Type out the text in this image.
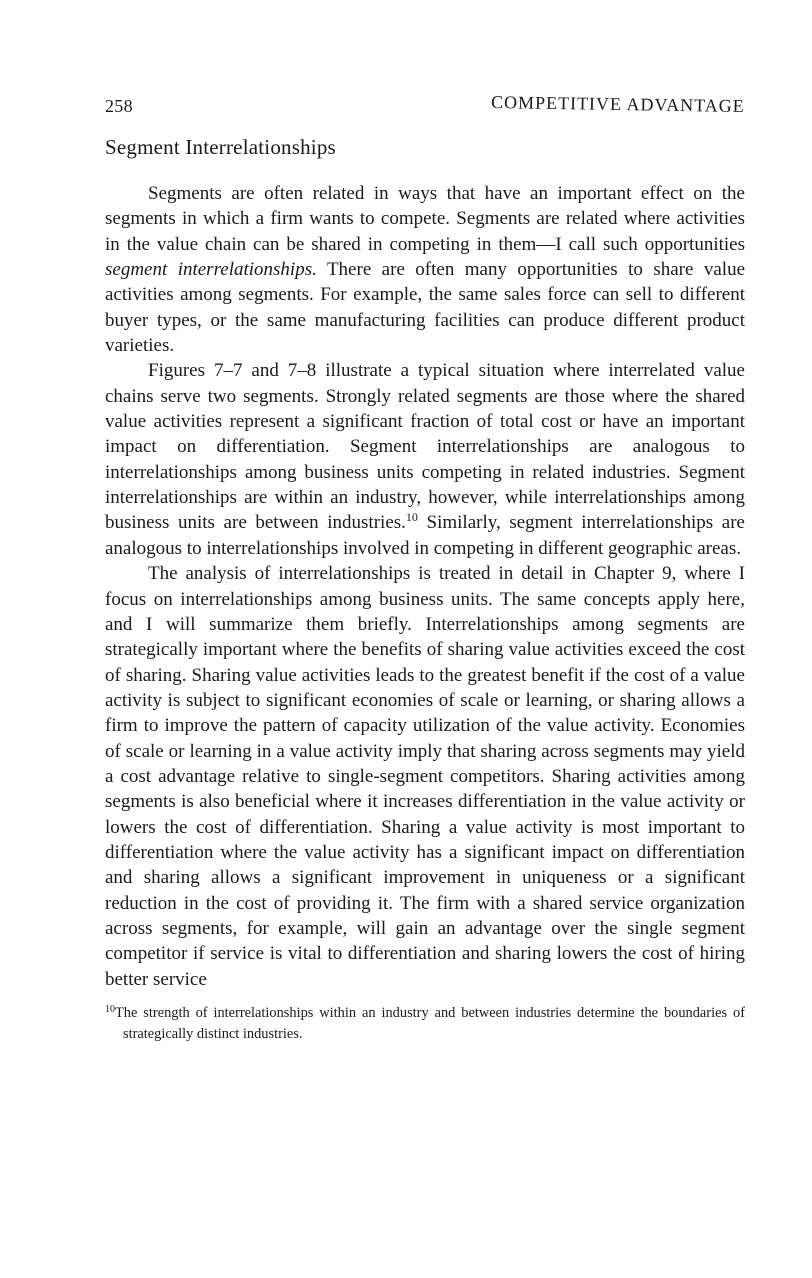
258	COMPETITIVE ADVANTAGE
Segment Interrelationships

Segments are often related in ways that have an important effect on the segments in which a firm wants to compete. Segments are related where activities in the value chain can be shared in competing in them—I call such opportunities segment interrelationships. There are often many opportunities to share value activities among segments. For example, the same sales force can sell to different buyer types, or the same manufacturing facilities can produce different product varieties.

Figures 7–7 and 7–8 illustrate a typical situation where interrelated value chains serve two segments. Strongly related segments are those where the shared value activities represent a significant fraction of total cost or have an important impact on differentiation. Segment interrelationships are analogous to interrelationships among business units competing in related industries. Segment interrelationships are within an industry, however, while interrelationships among business units are between industries.$^{10}$ Similarly, segment interrelationships are analogous to interrelationships involved in competing in different geographic areas.

The analysis of interrelationships is treated in detail in Chapter 9, where I focus on interrelationships among business units. The same concepts apply here, and I will summarize them briefly. Interrelationships among segments are strategically important where the benefits of sharing value activities exceed the cost of sharing. Sharing value activities leads to the greatest benefit if the cost of a value activity is subject to significant economies of scale or learning, or sharing allows a firm to improve the pattern of capacity utilization of the value activity. Economies of scale or learning in a value activity imply that sharing across segments may yield a cost advantage relative to single-segment competitors. Sharing activities among segments is also beneficial where it increases differentiation in the value activity or lowers the cost of differentiation. Sharing a value activity is most important to differentiation where the value activity has a significant impact on differentiation and sharing allows a significant improvement in uniqueness or a significant reduction in the cost of providing it. The firm with a shared service organization across segments, for example, will gain an advantage over the single segment competitor if service is vital to differentiation and sharing lowers the cost of hiring better service

$^{10}$The strength of interrelationships within an industry and between industries determine the boundaries of strategically distinct industries.
